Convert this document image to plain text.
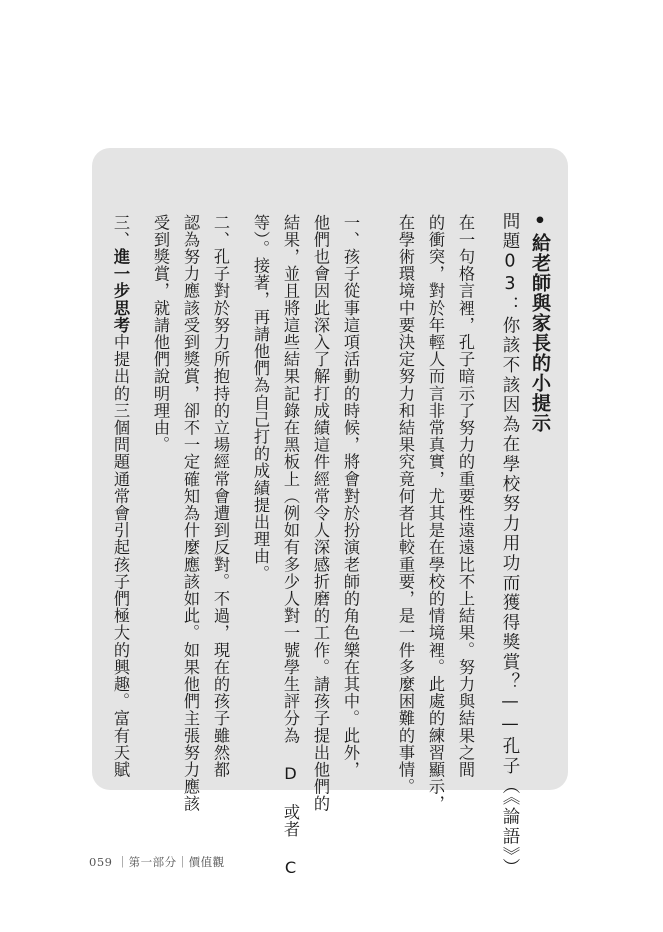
•給老師與家長的小提示
問題03：你該不該因為在學校努力用功而獲得獎賞？——孔子（《論語》）
在一句格言裡，孔子暗示了努力的重要性遠遠比不上結果。努力與結果之間
的衝突，對於年輕人而言非常真實，尤其是在學校的情境裡。此處的練習顯示，
在學術環境中要決定努力和結果究竟何者比較重要，是一件多麼困難的事情。
一、孩子從事這項活動的時候，將會對於扮演老師的角色樂在其中。此外，
他們也會因此深入了解打成績這件經常令人深感折磨的工作。請孩子提出他們的
結果，並且將這些結果記錄在黑板上（例如有多少人對一號學生評分為 D 或者 C
等）。接著，再請他們為自己打的成績提出理由。
二、孔子對於努力所抱持的立場經常會遭到反對。不過，現在的孩子雖然都
認為努力應該受到獎賞，卻不一定確知為什麼應該如此。如果他們主張努力應該
受到獎賞，就請他們說明理由。
三、進一步思考中提出的三個問題通常會引起孩子們極大的興趣。富有天賦
059 ｜第一部分｜價值觀
